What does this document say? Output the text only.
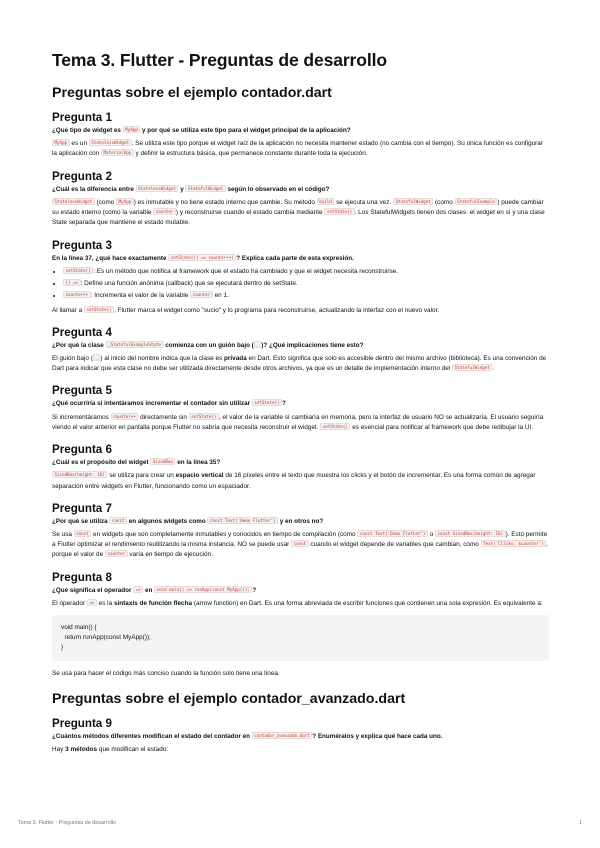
Tema 3. Flutter - Preguntas de desarrollo
Preguntas sobre el ejemplo contador.dart
Pregunta 1
¿Qué tipo de widget es MyApp y por qué se utiliza este tipo para el widget principal de la aplicación?

MyApp es un StatelessWidget . Se utiliza este tipo porque el widget raíz de la aplicación no necesita mantener estado (no cambia con el tiempo). Su única función es configurar la aplicación con MaterialApp y definir la estructura básica, que permanece constante durante toda la ejecución.

Pregunta 2
¿Cuál es la diferencia entre StatelessWidget y StatefulWidget según lo observado en el código?

StatelessWidget (como MyApp ) es inmutable y no tiene estado interno que cambie. Su método build se ejecuta una vez. StatefulWidget (como StatefulExample ) puede cambiar su estado interno (como la variable counter ) y reconstruirse cuando el estado cambia mediante setState() . Los StatefulWidgets tienen dos clases: el widget en sí y una clase State separada que mantiene el estado mutable.

Pregunta 3
En la línea 37, ¿qué hace exactamente setState(() => counter++) ? Explica cada parte de esta expresión.
• setState() : Es un método que notifica al framework que el estado ha cambiado y que el widget necesita reconstruirse.
• () => : Define una función anónima (callback) que se ejecutará dentro de setState.
• counter++ : Incrementa el valor de la variable counter en 1.

Al llamar a setState() , Flutter marca el widget como "sucio" y lo programa para reconstruirse, actualizando la interfaz con el nuevo valor.

Pregunta 4
¿Por qué la clase _StatefulExampleState comienza con un guión bajo ( _ )? ¿Qué implicaciones tiene esto?

El guión bajo ( _ ) al inicio del nombre indica que la clase es privada en Dart. Esto significa que solo es accesible dentro del mismo archivo (biblioteca). Es una convención de Dart para indicar que esta clase no debe ser utilizada directamente desde otros archivos, ya que es un detalle de implementación interno del StatefulWidget .

Pregunta 5
¿Qué ocurriría si intentáramos incrementar el contador sin utilizar setState() ?

Si incrementáramos counter++ directamente sin setState() , el valor de la variable sí cambiaría en memoria, pero la interfaz de usuario NO se actualizaría. El usuario seguiría viendo el valor anterior en pantalla porque Flutter no sabría que necesita reconstruir el widget. setState() es esencial para notificar al framework que debe redibujar la UI.

Pregunta 6
¿Cuál es el propósito del widget SizedBox en la línea 35?

SizedBox(height: 16) se utiliza para crear un espacio vertical de 16 píxeles entre el texto que muestra los clicks y el botón de incrementar. Es una forma común de agregar separación entre widgets en Flutter, funcionando como un espaciador.

Pregunta 7
¿Por qué se utiliza const en algunos widgets como const Text('Demo Flutter') y en otros no?

Se usa const en widgets que son completamente inmutables y conocidos en tiempo de compilación (como const Text('Demo Flutter') o const SizedBox(height: 16) ). Esto permite a Flutter optimizar el rendimiento reutilizando la misma instancia. NO se puede usar const cuando el widget depende de variables que cambian, como Text('Clicks: $counter') , porque el valor de counter varía en tiempo de ejecución.

Pregunta 8
¿Qué significa el operador => en void main() => runApp(const MyApp()); ?

El operador => es la sintaxis de función flecha (arrow function) en Dart. Es una forma abreviada de escribir funciones que contienen una sola expresión. Es equivalente a:

void main() {
return runApp(const MyApp());
}

Se usa para hacer el código más conciso cuando la función solo tiene una línea.

Preguntas sobre el ejemplo contador_avanzado.dart
Pregunta 9
¿Cuántos métodos diferentes modifican el estado del contador en contador_avanzado.dart ? Enuméralos y explica qué hace cada uno.

Hay 3 métodos que modifican el estado:

Tema 3. Flutter - Preguntas de desarrollo	1
